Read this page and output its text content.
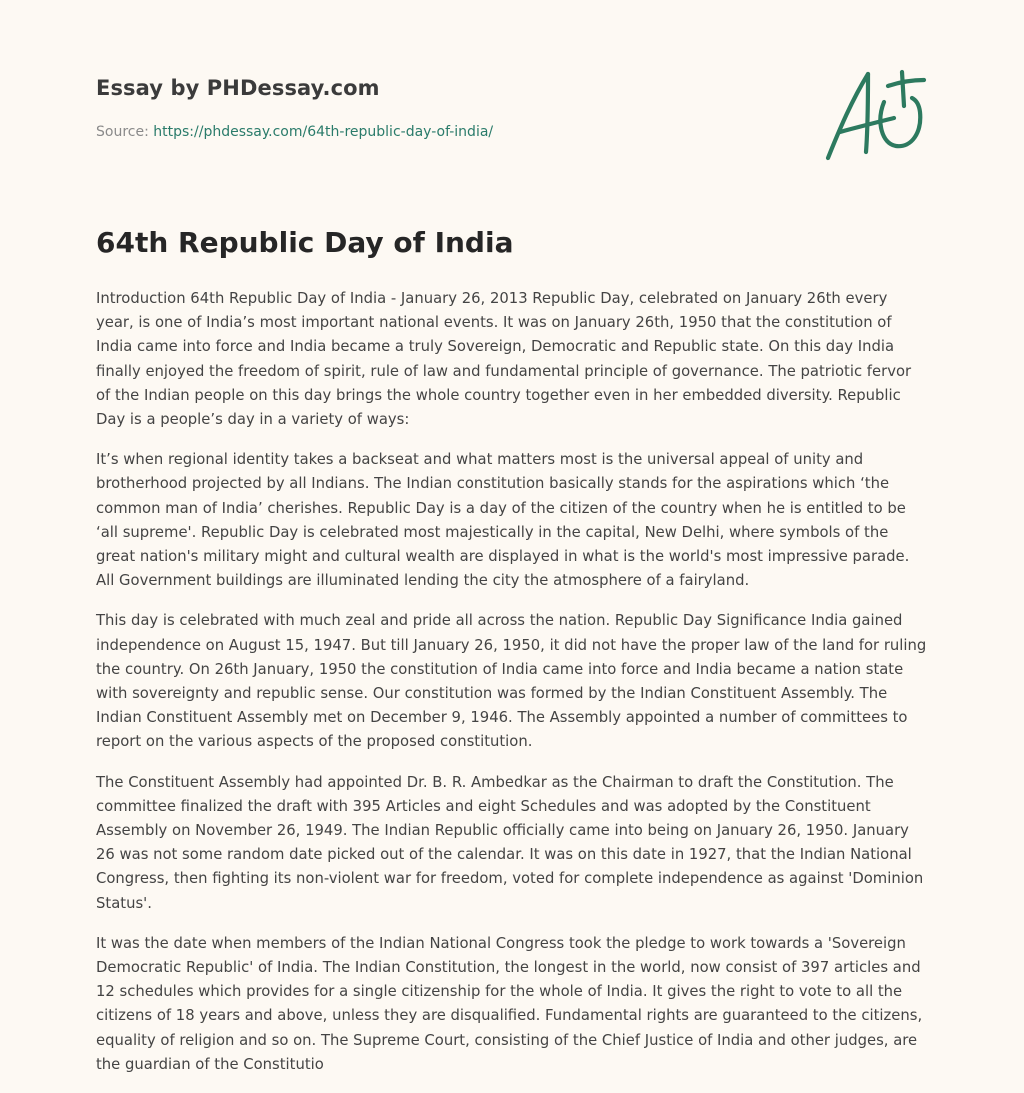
Essay by PHDessay.com
Source: https://phdessay.com/64th-republic-day-of-india/
64th Republic Day of India

Introduction 64th Republic Day of India - January 26, 2013 Republic Day, celebrated on January 26th every year, is one of India’s most important national events. It was on January 26th, 1950 that the constitution of India came into force and India became a truly Sovereign, Democratic and Republic state. On this day India finally enjoyed the freedom of spirit, rule of law and fundamental principle of governance. The patriotic fervor of the Indian people on this day brings the whole country together even in her embedded diversity. Republic Day is a people’s day in a variety of ways:

It’s when regional identity takes a backseat and what matters most is the universal appeal of unity and brotherhood projected by all Indians. The Indian constitution basically stands for the aspirations which ‘the common man of India’ cherishes. Republic Day is a day of the citizen of the country when he is entitled to be ‘all supreme'. Republic Day is celebrated most majestically in the capital, New Delhi, where symbols of the great nation's military might and cultural wealth are displayed in what is the world's most impressive parade. All Government buildings are illuminated lending the city the atmosphere of a fairyland.

This day is celebrated with much zeal and pride all across the nation. Republic Day Significance India gained independence on August 15, 1947. But till January 26, 1950, it did not have the proper law of the land for ruling the country. On 26th January, 1950 the constitution of India came into force and India became a nation state with sovereignty and republic sense. Our constitution was formed by the Indian Constituent Assembly. The Indian Constituent Assembly met on December 9, 1946. The Assembly appointed a number of committees to report on the various aspects of the proposed constitution.

The Constituent Assembly had appointed Dr. B. R. Ambedkar as the Chairman to draft the Constitution. The committee finalized the draft with 395 Articles and eight Schedules and was adopted by the Constituent Assembly on November 26, 1949. The Indian Republic officially came into being on January 26, 1950. January 26 was not some random date picked out of the calendar. It was on this date in 1927, that the Indian National Congress, then fighting its non-violent war for freedom, voted for complete independence as against 'Dominion Status'.

It was the date when members of the Indian National Congress took the pledge to work towards a 'Sovereign Democratic Republic' of India. The Indian Constitution, the longest in the world, now consist of 397 articles and 12 schedules which provides for a single citizenship for the whole of India. It gives the right to vote to all the citizens of 18 years and above, unless they are disqualified. Fundamental rights are guaranteed to the citizens, equality of religion and so on. The Supreme Court, consisting of the Chief Justice of India and other judges, are the guardian of the Constitutio
